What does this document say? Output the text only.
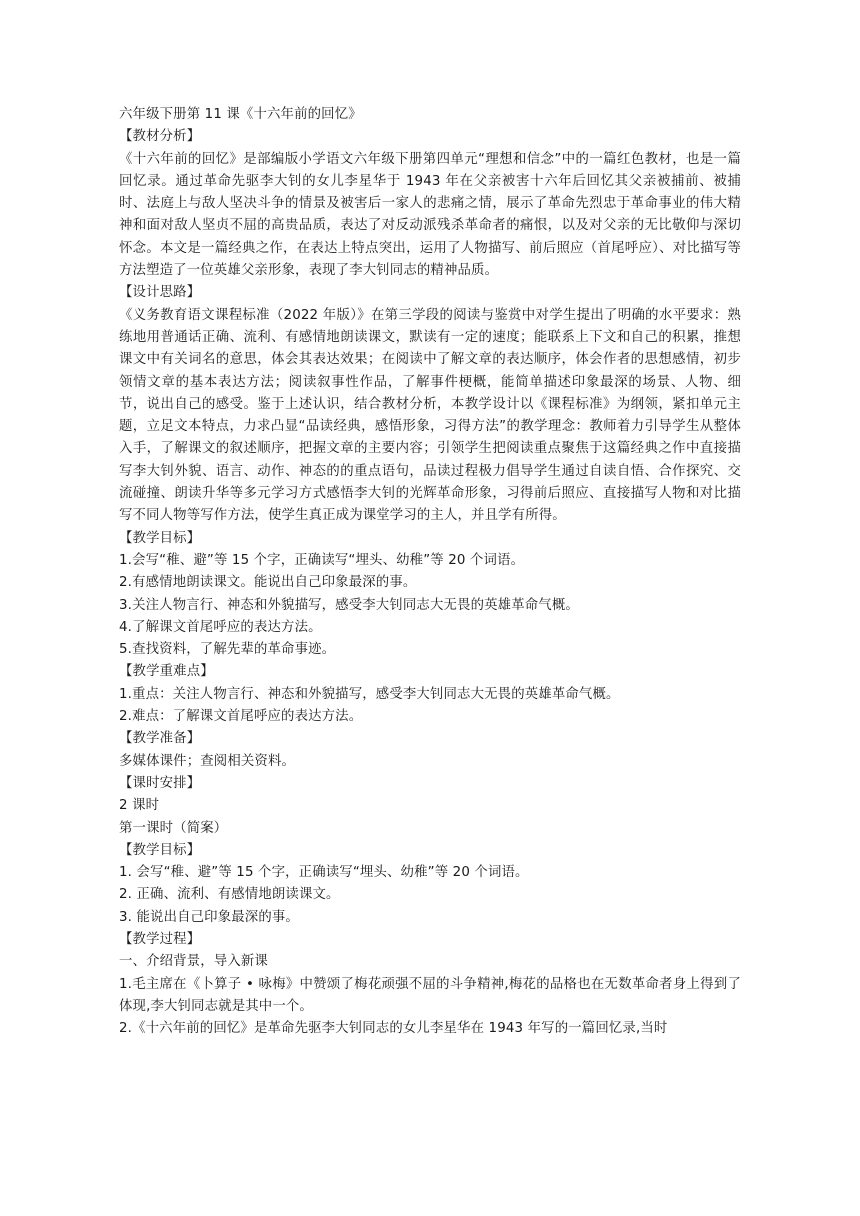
六年级下册第 11 课《十六年前的回忆》
【教材分析】
《十六年前的回忆》是部编版小学语文六年级下册第四单元“理想和信念”中的一篇红色教材，也是一篇回忆录。通过革命先驱李大钊的女儿李星华于 1943 年在父亲被害十六年后回忆其父亲被捕前、被捕时、法庭上与敌人坚决斗争的情景及被害后一家人的悲痛之情，展示了革命先烈忠于革命事业的伟大精神和面对敌人坚贞不屈的高贵品质，表达了对反动派残杀革命者的痛恨，以及对父亲的无比敬仰与深切怀念。本文是一篇经典之作，在表达上特点突出，运用了人物描写、前后照应（首尾呼应）、对比描写等方法塑造了一位英雄父亲形象，表现了李大钊同志的精神品质。
【设计思路】
《义务教育语文课程标准（2022 年版）》在第三学段的阅读与鉴赏中对学生提出了明确的水平要求：熟练地用普通话正确、流利、有感情地朗读课文，默读有一定的速度；能联系上下文和自己的积累，推想课文中有关词名的意思，体会其表达效果；在阅读中了解文章的表达顺序，体会作者的思想感情，初步领情文章的基本表达方法；阅读叙事性作品，了解事件梗概，能简单描述印象最深的场景、人物、细节，说出自己的感受。鉴于上述认识，结合教材分析，本教学设计以《课程标准》为纲领，紧扣单元主题，立足文本特点，力求凸显“品读经典，感悟形象，习得方法”的教学理念：教师着力引导学生从整体入手，了解课文的叙述顺序，把握文章的主要内容；引领学生把阅读重点聚焦于这篇经典之作中直接描写李大钊外貌、语言、动作、神态的的重点语句，品读过程极力倡导学生通过自读自悟、合作探究、交流碰撞、朗读升华等多元学习方式感悟李大钊的光辉革命形象，习得前后照应、直接描写人物和对比描写不同人物等写作方法，使学生真正成为课堂学习的主人，并且学有所得。
【教学目标】
1.会写“稚、避”等 15 个字，正确读写“埋头、幼稚”等 20 个词语。
2.有感情地朗读课文。能说出自己印象最深的事。
3.关注人物言行、神态和外貌描写，感受李大钊同志大无畏的英雄革命气概。
4.了解课文首尾呼应的表达方法。
5.查找资料，了解先辈的革命事迹。
【教学重难点】
1.重点：关注人物言行、神态和外貌描写，感受李大钊同志大无畏的英雄革命气概。
2.难点：了解课文首尾呼应的表达方法。
【教学准备】
多媒体课件；查阅相关资料。
【课时安排】
2 课时
第一课时（简案）
【教学目标】
1. 会写“稚、避”等 15 个字，正确读写“埋头、幼稚”等 20 个词语。
2. 正确、流利、有感情地朗读课文。
3. 能说出自己印象最深的事。
【教学过程】
一、介绍背景，导入新课
1.毛主席在《卜算子 • 咏梅》中赞颂了梅花顽强不屈的斗争精神,梅花的品格也在无数革命者身上得到了体现,李大钊同志就是其中一个。
2.《十六年前的回忆》是革命先驱李大钊同志的女儿李星华在 1943 年写的一篇回忆录,当时
